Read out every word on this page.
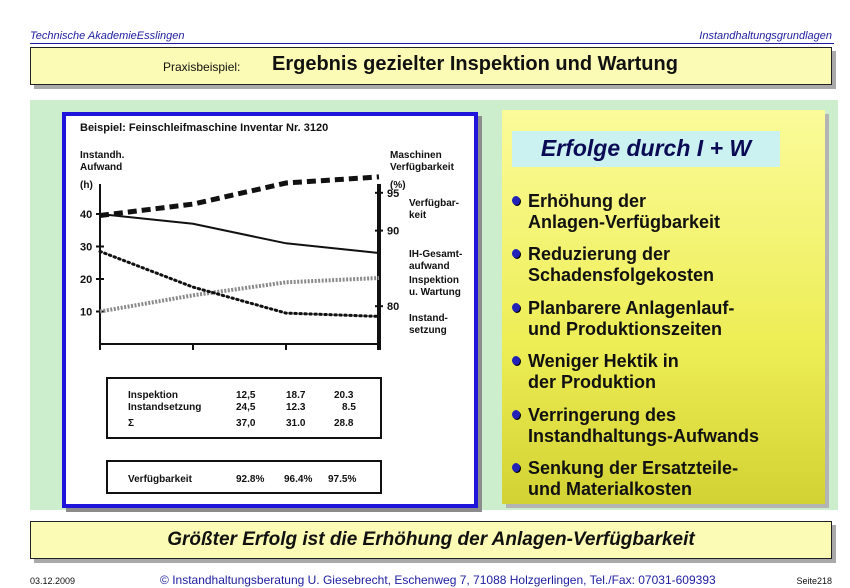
Technische AkademieEsslingen	Instandhaltungsgrundlagen
Praxisbeispiel: Ergebnis gezielter Inspektion und Wartung
Beispiel: Feinschleifmaschine Inventar Nr. 3120
Instandh.
Aufwand
(h)
Maschinen
Verfügbarkeit
(%)
10
20
30
40
80
90
95
Verfügbar-
keit
IH-Gesamt-
aufwand
Inspektion
u. Wartung
Instand-
setzung
Inspektion	12,5	18.7	20.3
Instandsetzung	24,5	12.3	8.5
Σ	37,0	31.0	28.8
Verfügbarkeit	92.8% 96.4% 97.5%
Erfolge durch I + W
Erhöhung der
Anlagen-Verfügbarkeit
Reduzierung der
Schadensfolgekosten
Planbarere Anlagenlauf-
und Produktionszeiten
Weniger Hektik in
der Produktion
Verringerung des
Instandhaltungs-Aufwands
Senkung der Ersatzteile-
und Materialkosten
Größter Erfolg ist die Erhöhung der Anlagen-Verfügbarkeit
03.12.2009	© Instandhaltungsberatung U. Giesebrecht, Eschenweg 7, 71088 Holzgerlingen, Tel./Fax: 07031-609393	Seite218
